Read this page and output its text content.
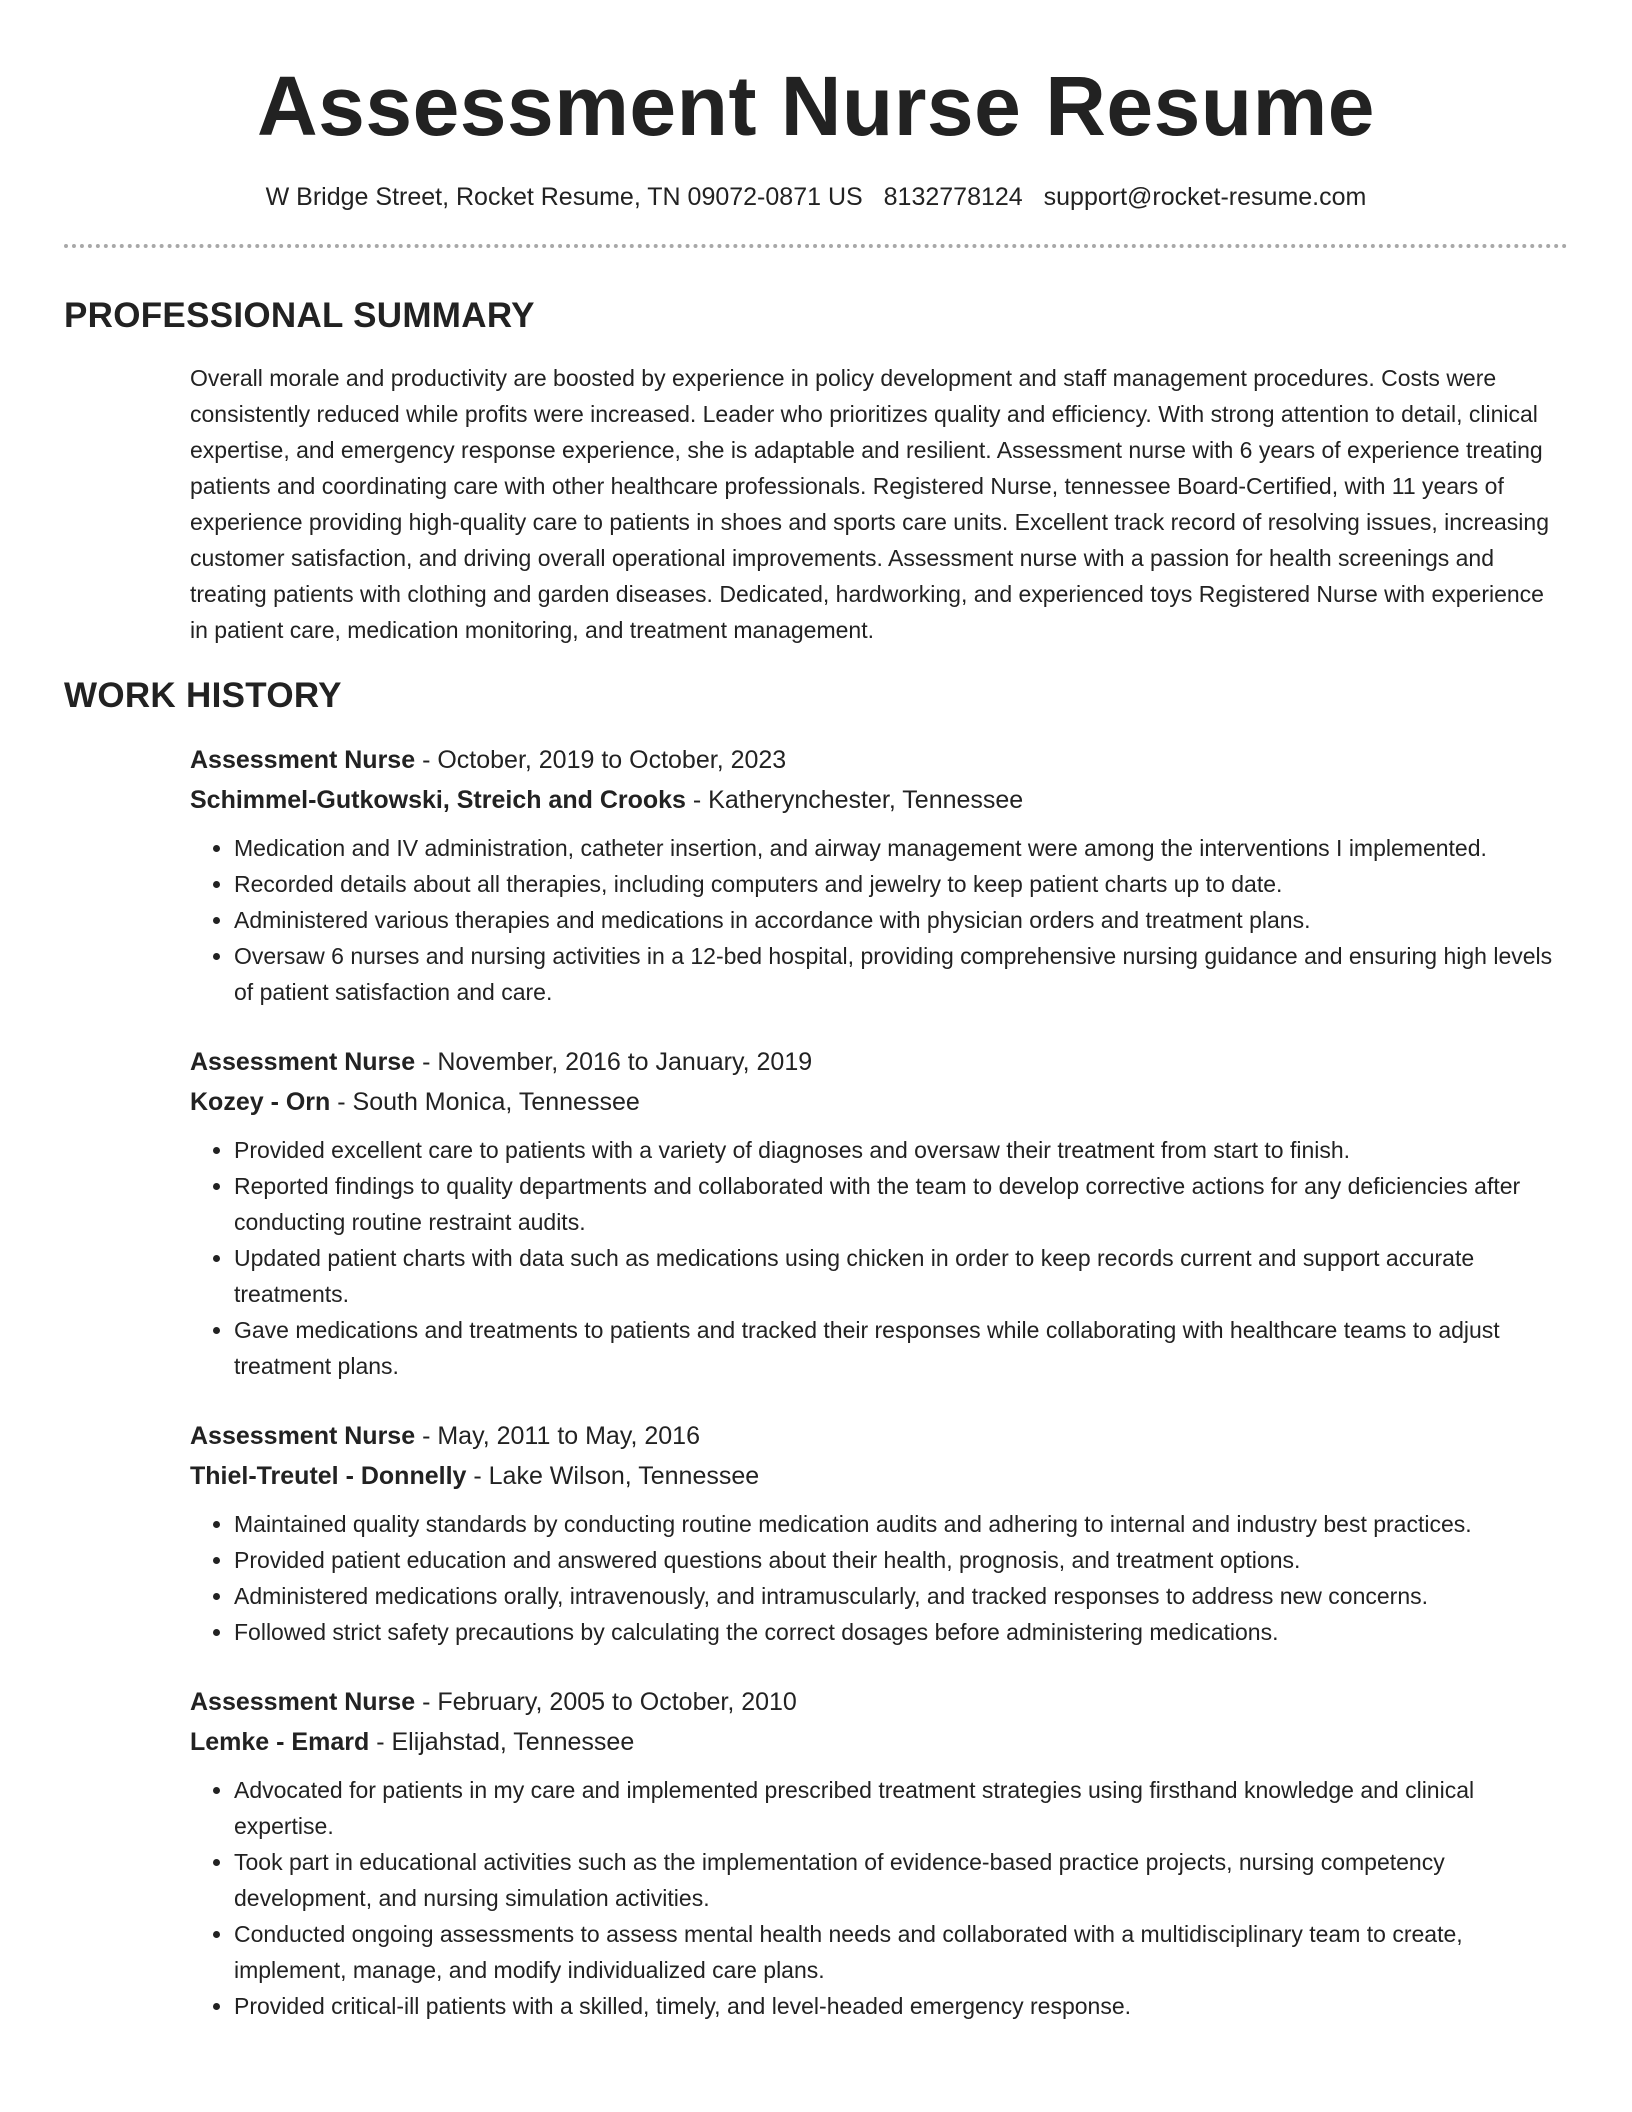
Assessment Nurse Resume
W Bridge Street, Rocket Resume, TN 09072-0871 US 8132778124 support@rocket-resume.com
PROFESSIONAL SUMMARY

Overall morale and productivity are boosted by experience in policy development and staff management procedures. Costs were consistently reduced while profits were increased. Leader who prioritizes quality and efficiency. With strong attention to detail, clinical expertise, and emergency response experience, she is adaptable and resilient. Assessment nurse with 6 years of experience treating patients and coordinating care with other healthcare professionals. Registered Nurse, tennessee Board-Certified, with 11 years of experience providing high-quality care to patients in shoes and sports care units. Excellent track record of resolving issues, increasing customer satisfaction, and driving overall operational improvements. Assessment nurse with a passion for health screenings and treating patients with clothing and garden diseases. Dedicated, hardworking, and experienced toys Registered Nurse with experience in patient care, medication monitoring, and treatment management.

WORK HISTORY
Assessment Nurse - October, 2019 to October, 2023
Schimmel-Gutkowski, Streich and Crooks - Katherynchester, Tennessee
• Medication and IV administration, catheter insertion, and airway management were among the interventions I implemented.
• Recorded details about all therapies, including computers and jewelry to keep patient charts up to date.
• Administered various therapies and medications in accordance with physician orders and treatment plans.
• Oversaw 6 nurses and nursing activities in a 12-bed hospital, providing comprehensive nursing guidance and ensuring high levels of patient satisfaction and care.
Assessment Nurse - November, 2016 to January, 2019
Kozey - Orn - South Monica, Tennessee
• Provided excellent care to patients with a variety of diagnoses and oversaw their treatment from start to finish.
• Reported findings to quality departments and collaborated with the team to develop corrective actions for any deficiencies after conducting routine restraint audits.
• Updated patient charts with data such as medications using chicken in order to keep records current and support accurate treatments.
• Gave medications and treatments to patients and tracked their responses while collaborating with healthcare teams to adjust treatment plans.
Assessment Nurse - May, 2011 to May, 2016
Thiel-Treutel - Donnelly - Lake Wilson, Tennessee
• Maintained quality standards by conducting routine medication audits and adhering to internal and industry best practices.
• Provided patient education and answered questions about their health, prognosis, and treatment options.
• Administered medications orally, intravenously, and intramuscularly, and tracked responses to address new concerns.
• Followed strict safety precautions by calculating the correct dosages before administering medications.
Assessment Nurse - February, 2005 to October, 2010
Lemke - Emard - Elijahstad, Tennessee
• Advocated for patients in my care and implemented prescribed treatment strategies using firsthand knowledge and clinical expertise.
• Took part in educational activities such as the implementation of evidence-based practice projects, nursing competency development, and nursing simulation activities.
• Conducted ongoing assessments to assess mental health needs and collaborated with a multidisciplinary team to create, implement, manage, and modify individualized care plans.
• Provided critical-ill patients with a skilled, timely, and level-headed emergency response.
